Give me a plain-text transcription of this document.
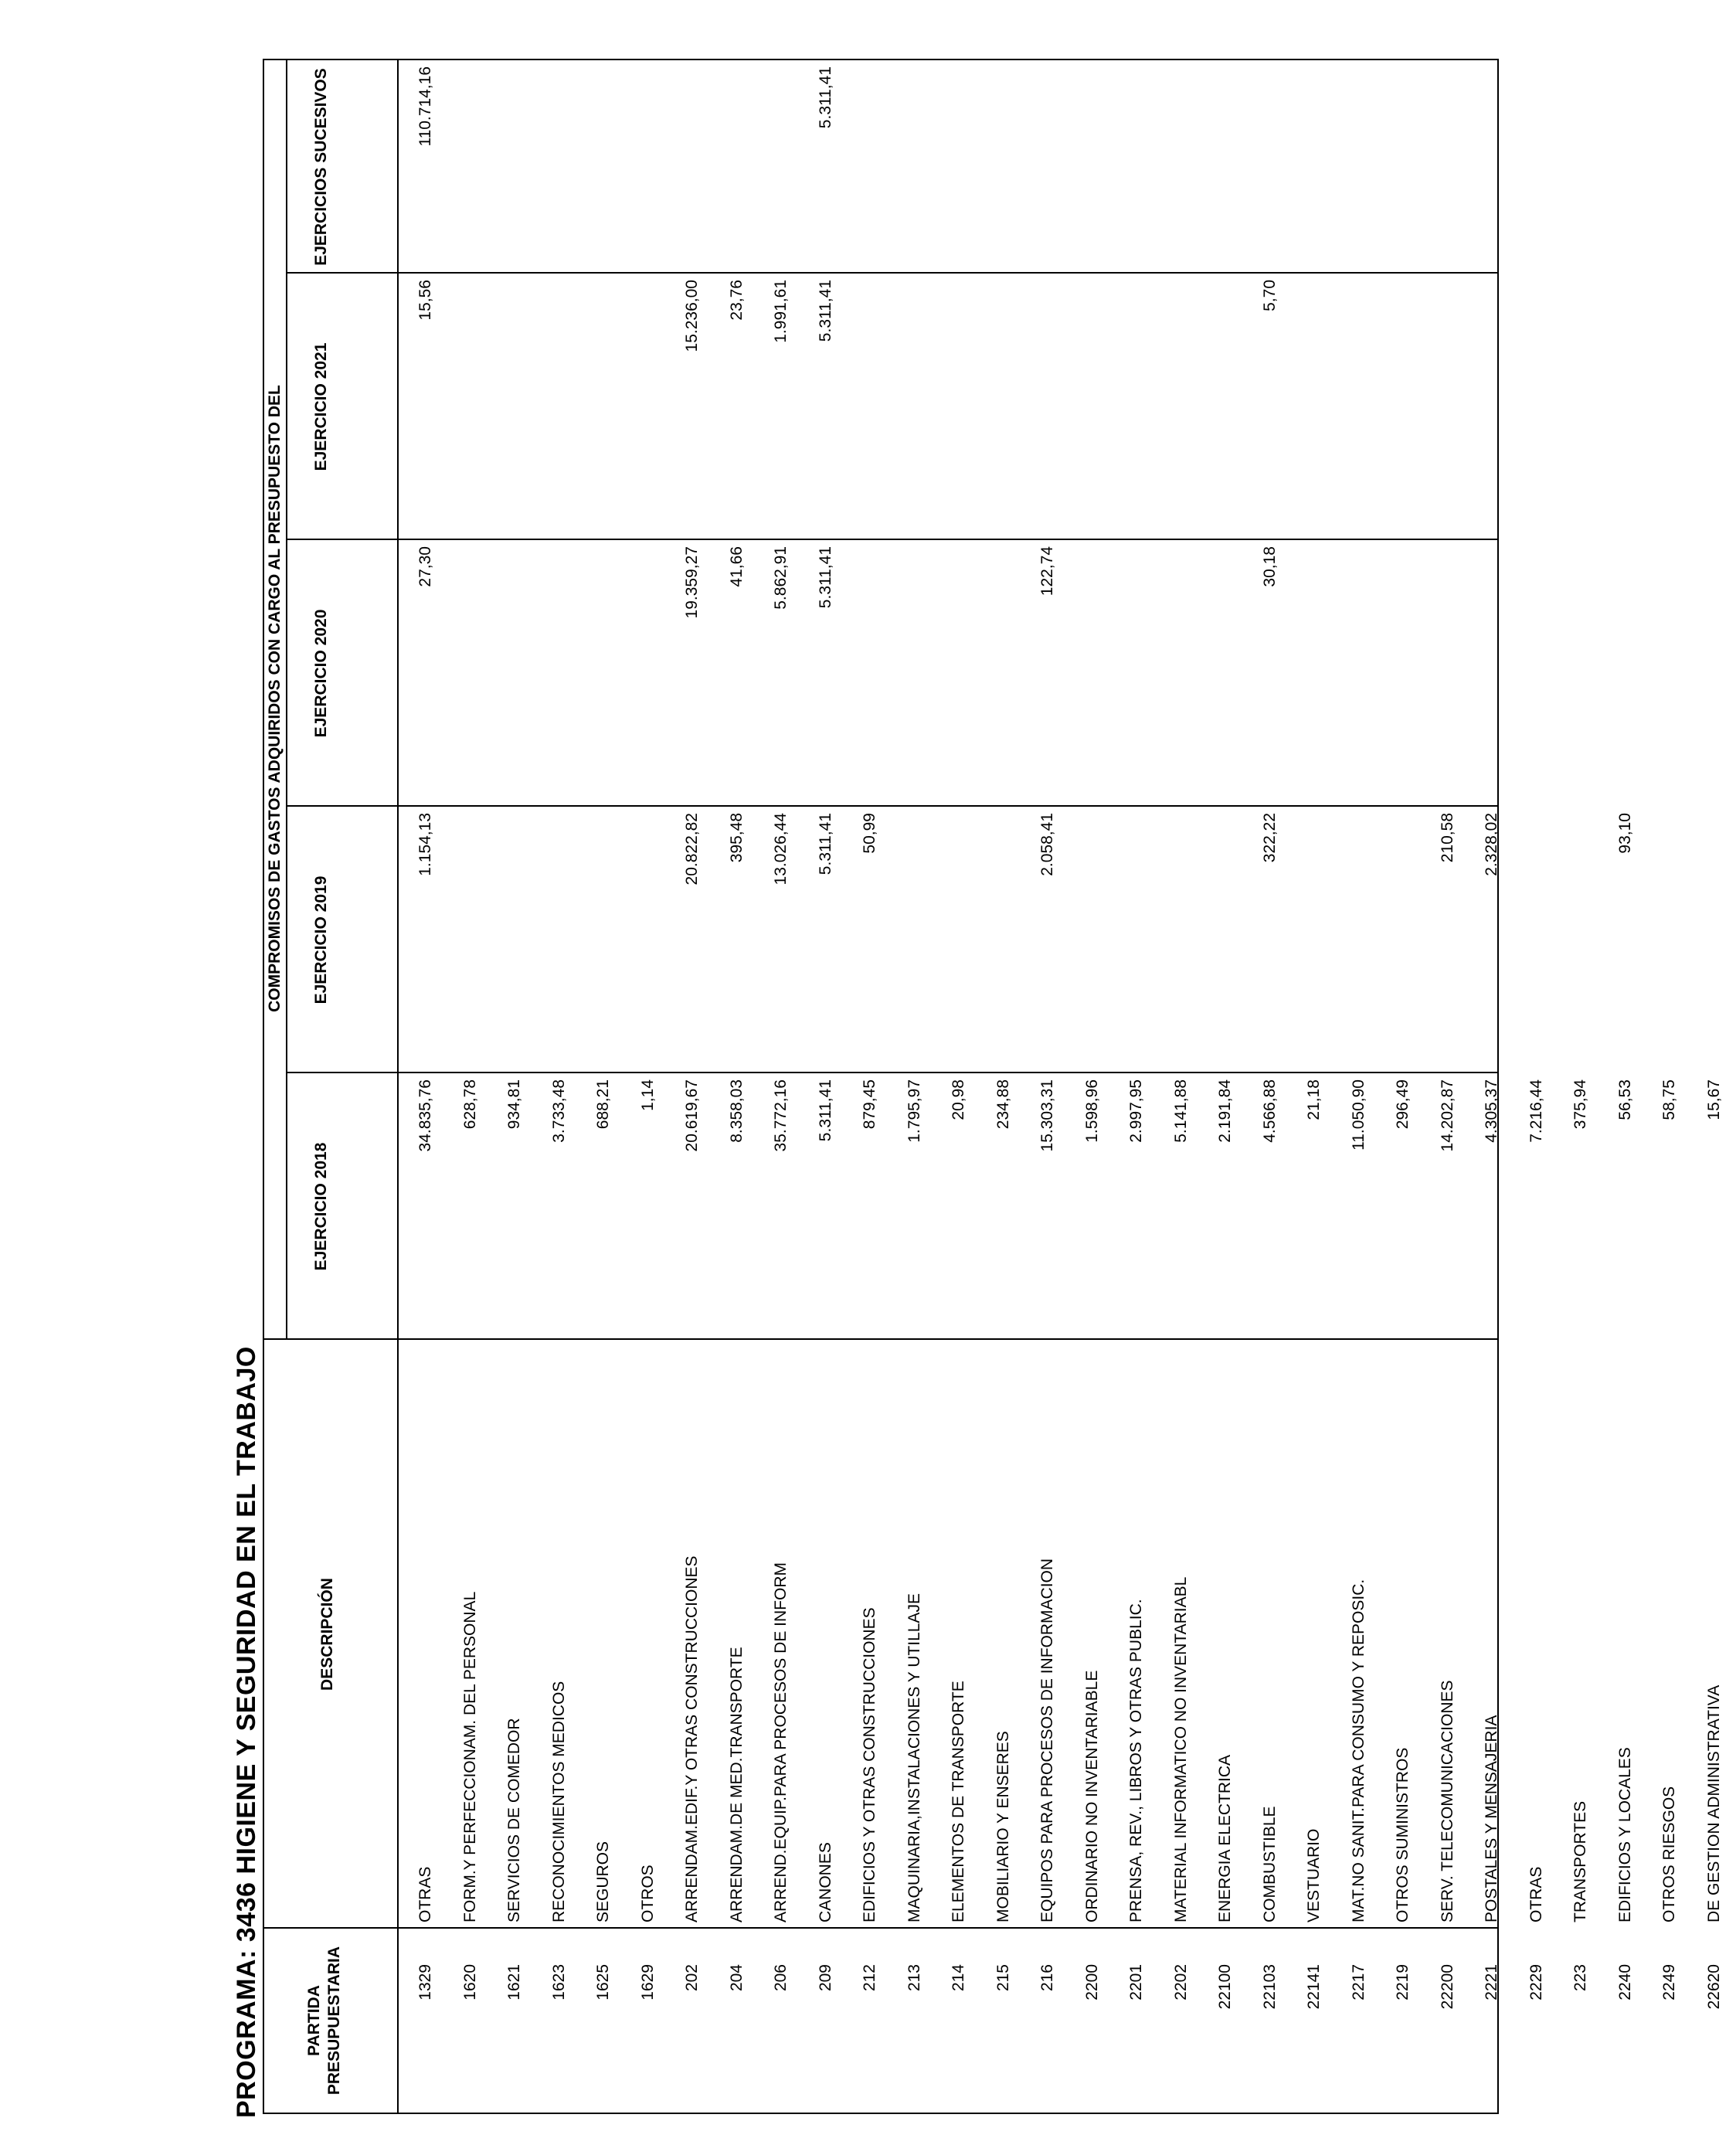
PROGRAMA: 3436 HIGIENE Y SEGURIDAD EN EL TRABAJO	PARTIDA PRESUPUESTARIA
DESCRIPCIÓN
COMPROMISOS DE GASTOS ADQUIRIDOS CON CARGO AL PRESUPUESTO DEL
EJERCICIO 2018
EJERCICIO 2019
EJERCICIO 2020
EJERCICIO 2021
EJERCICIOS SUCESIVOS
1329
OTRAS
34.835,76
1.154,13
27,30
15,56
110.714,16
1620
FORM.Y PERFECCIONAM. DEL PERSONAL
628,78
1621
SERVICIOS DE COMEDOR
934,81
1623
RECONOCIMIENTOS MEDICOS
3.733,48
1625
SEGUROS
688,21
1629
OTROS
1,14
202
ARRENDAM.EDIF.Y OTRAS CONSTRUCCIONES
20.619,67
20.822,82
19.359,27
15.236,00
204
ARRENDAM.DE MED.TRANSPORTE
8.358,03
395,48
41,66
23,76
206
ARREND.EQUIP.PARA PROCESOS DE INFORM
35.772,16
13.026,44
5.862,91
1.991,61
209
CANONES
5.311,41
5.311,41
5.311,41
5.311,41
5.311,41
212
EDIFICIOS Y OTRAS CONSTRUCCIONES
879,45
50,99
213
MAQUINARIA,INSTALACIONES Y UTILLAJE
1.795,97
214
ELEMENTOS DE TRANSPORTE
20,98
215
MOBILIARIO Y ENSERES
234,88
216
EQUIPOS PARA PROCESOS DE INFORMACION
15.303,31
2.058,41
122,74
2200
ORDINARIO NO INVENTARIABLE
1.598,96
2201
PRENSA, REV., LIBROS Y OTRAS PUBLIC.
2.997,95
2202
MATERIAL INFORMATICO NO INVENTARIABL
5.141,88
22100
ENERGIA ELECTRICA
2.191,84
22103
COMBUSTIBLE
4.566,88
322,22
30,18
5,70
22141
VESTUARIO
21,18
2217
MAT.NO SANIT.PARA CONSUMO Y REPOSIC.
11.050,90
2219
OTROS SUMINISTROS
296,49
22200
SERV. TELECOMUNICACIONES
14.202,87
210,58
2221
POSTALES Y MENSAJERIA
4.305,37
2.328,02
2229
OTRAS
7.216,44
223
TRANSPORTES
375,94
2240
EDIFICIOS Y LOCALES
56,53
93,10
2249
OTROS RIESGOS
58,75
22620
DE GESTION ADMINISTRATIVA
15,67
